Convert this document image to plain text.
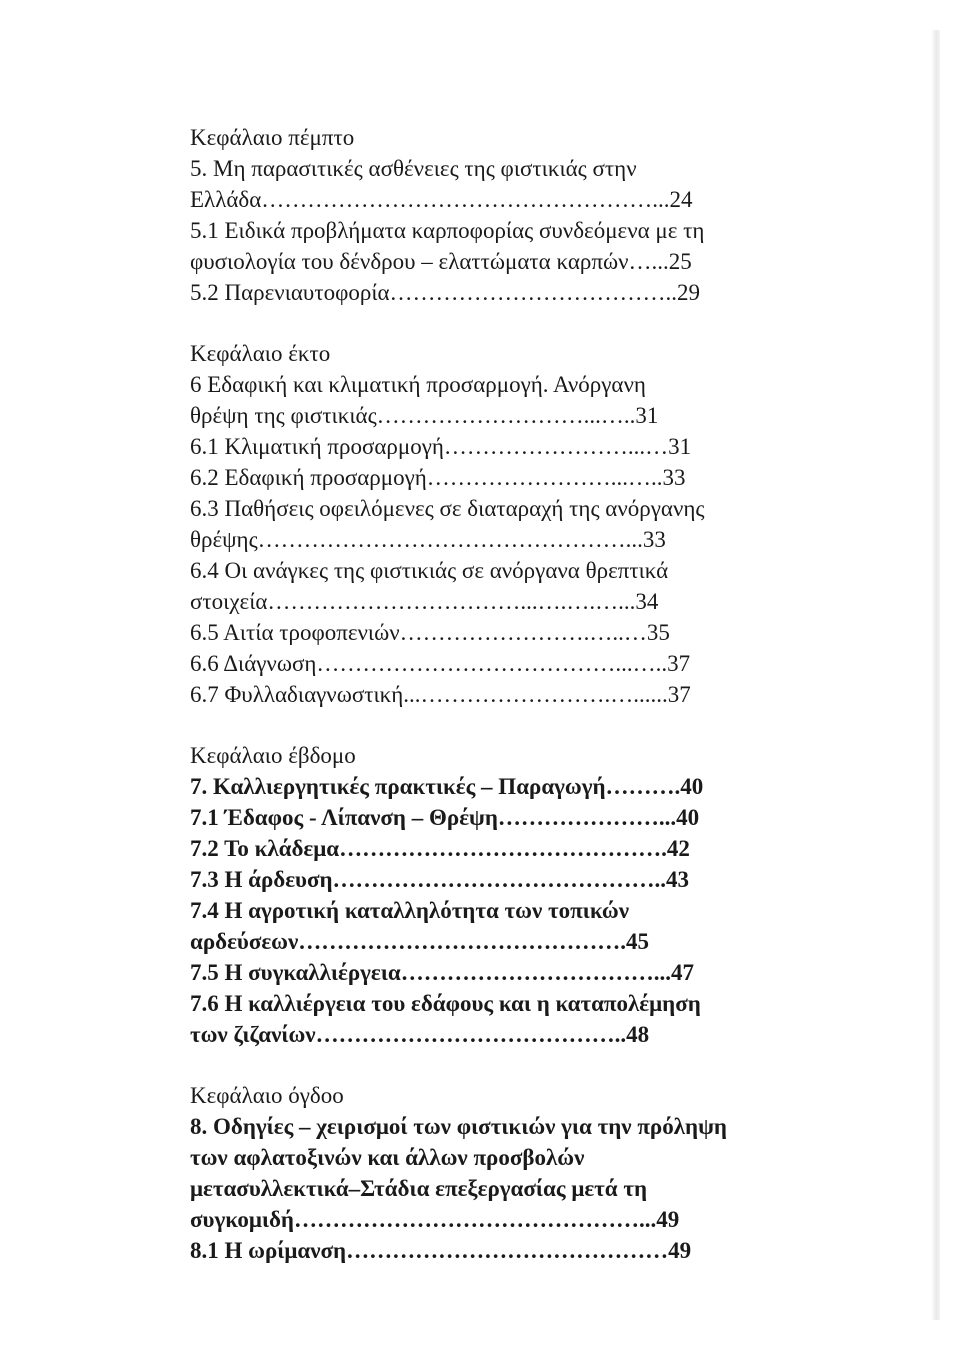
Κεφάλαιο πέμπτο
5. Μη παρασιτικές ασθένειες της φιστικιάς στην
Ελλάδα……………………………………………...24
5.1 Ειδικά προβλήματα καρποφορίας συνδεόμενα με τη
φυσιολογία του δένδρου – ελαττώματα καρπών…...25
5.2 Παρενιαυτοφορία………………………………..29
Κεφάλαιο έκτο
6 Εδαφική και κλιματική προσαρμογή. Ανόργανη
θρέψη της φιστικιάς………………………...…..31
6.1 Κλιματική προσαρμογή……………………...…31
6.2 Εδαφική προσαρμογή……………………...…..33
6.3 Παθήσεις οφειλόμενες σε διαταραχή της ανόργανης
θρέψης…………………………………………...33
6.4 Οι ανάγκες της φιστικιάς σε ανόργανα θρεπτικά
στοιχεία……………………………...….….…...34
6.5 Αιτία τροφοπενιών…………………….…..…35
6.6 Διάγνωση…………………………………...…..37
6.7 Φυλλαδιαγνωστική...…………………….…......37
Κεφάλαιο έβδομο
7. Καλλιεργητικές πρακτικές – Παραγωγή……….40
7.1 Έδαφος - Λίπανση – Θρέψη…………………...40
7.2 Το κλάδεμα…………………………………….42
7.3 Η άρδευση……………………………………..43
7.4 Η αγροτική καταλληλότητα των τοπικών
αρδεύσεων…………………………………….45
7.5 Η συγκαλλιέργεια……………………………...47
7.6 Η καλλιέργεια του εδάφους και η καταπολέμηση
των ζιζανίων…………………………………..48
Κεφάλαιο όγδοο
8. Οδηγίες – χειρισμοί των φιστικιών για την πρόληψη
των αφλατοξινών και άλλων προσβολών
μετασυλλεκτικά–Στάδια επεξεργασίας μετά τη
συγκομιδή………………………………………...49
8.1 Η ωρίμανση……………………………………49
